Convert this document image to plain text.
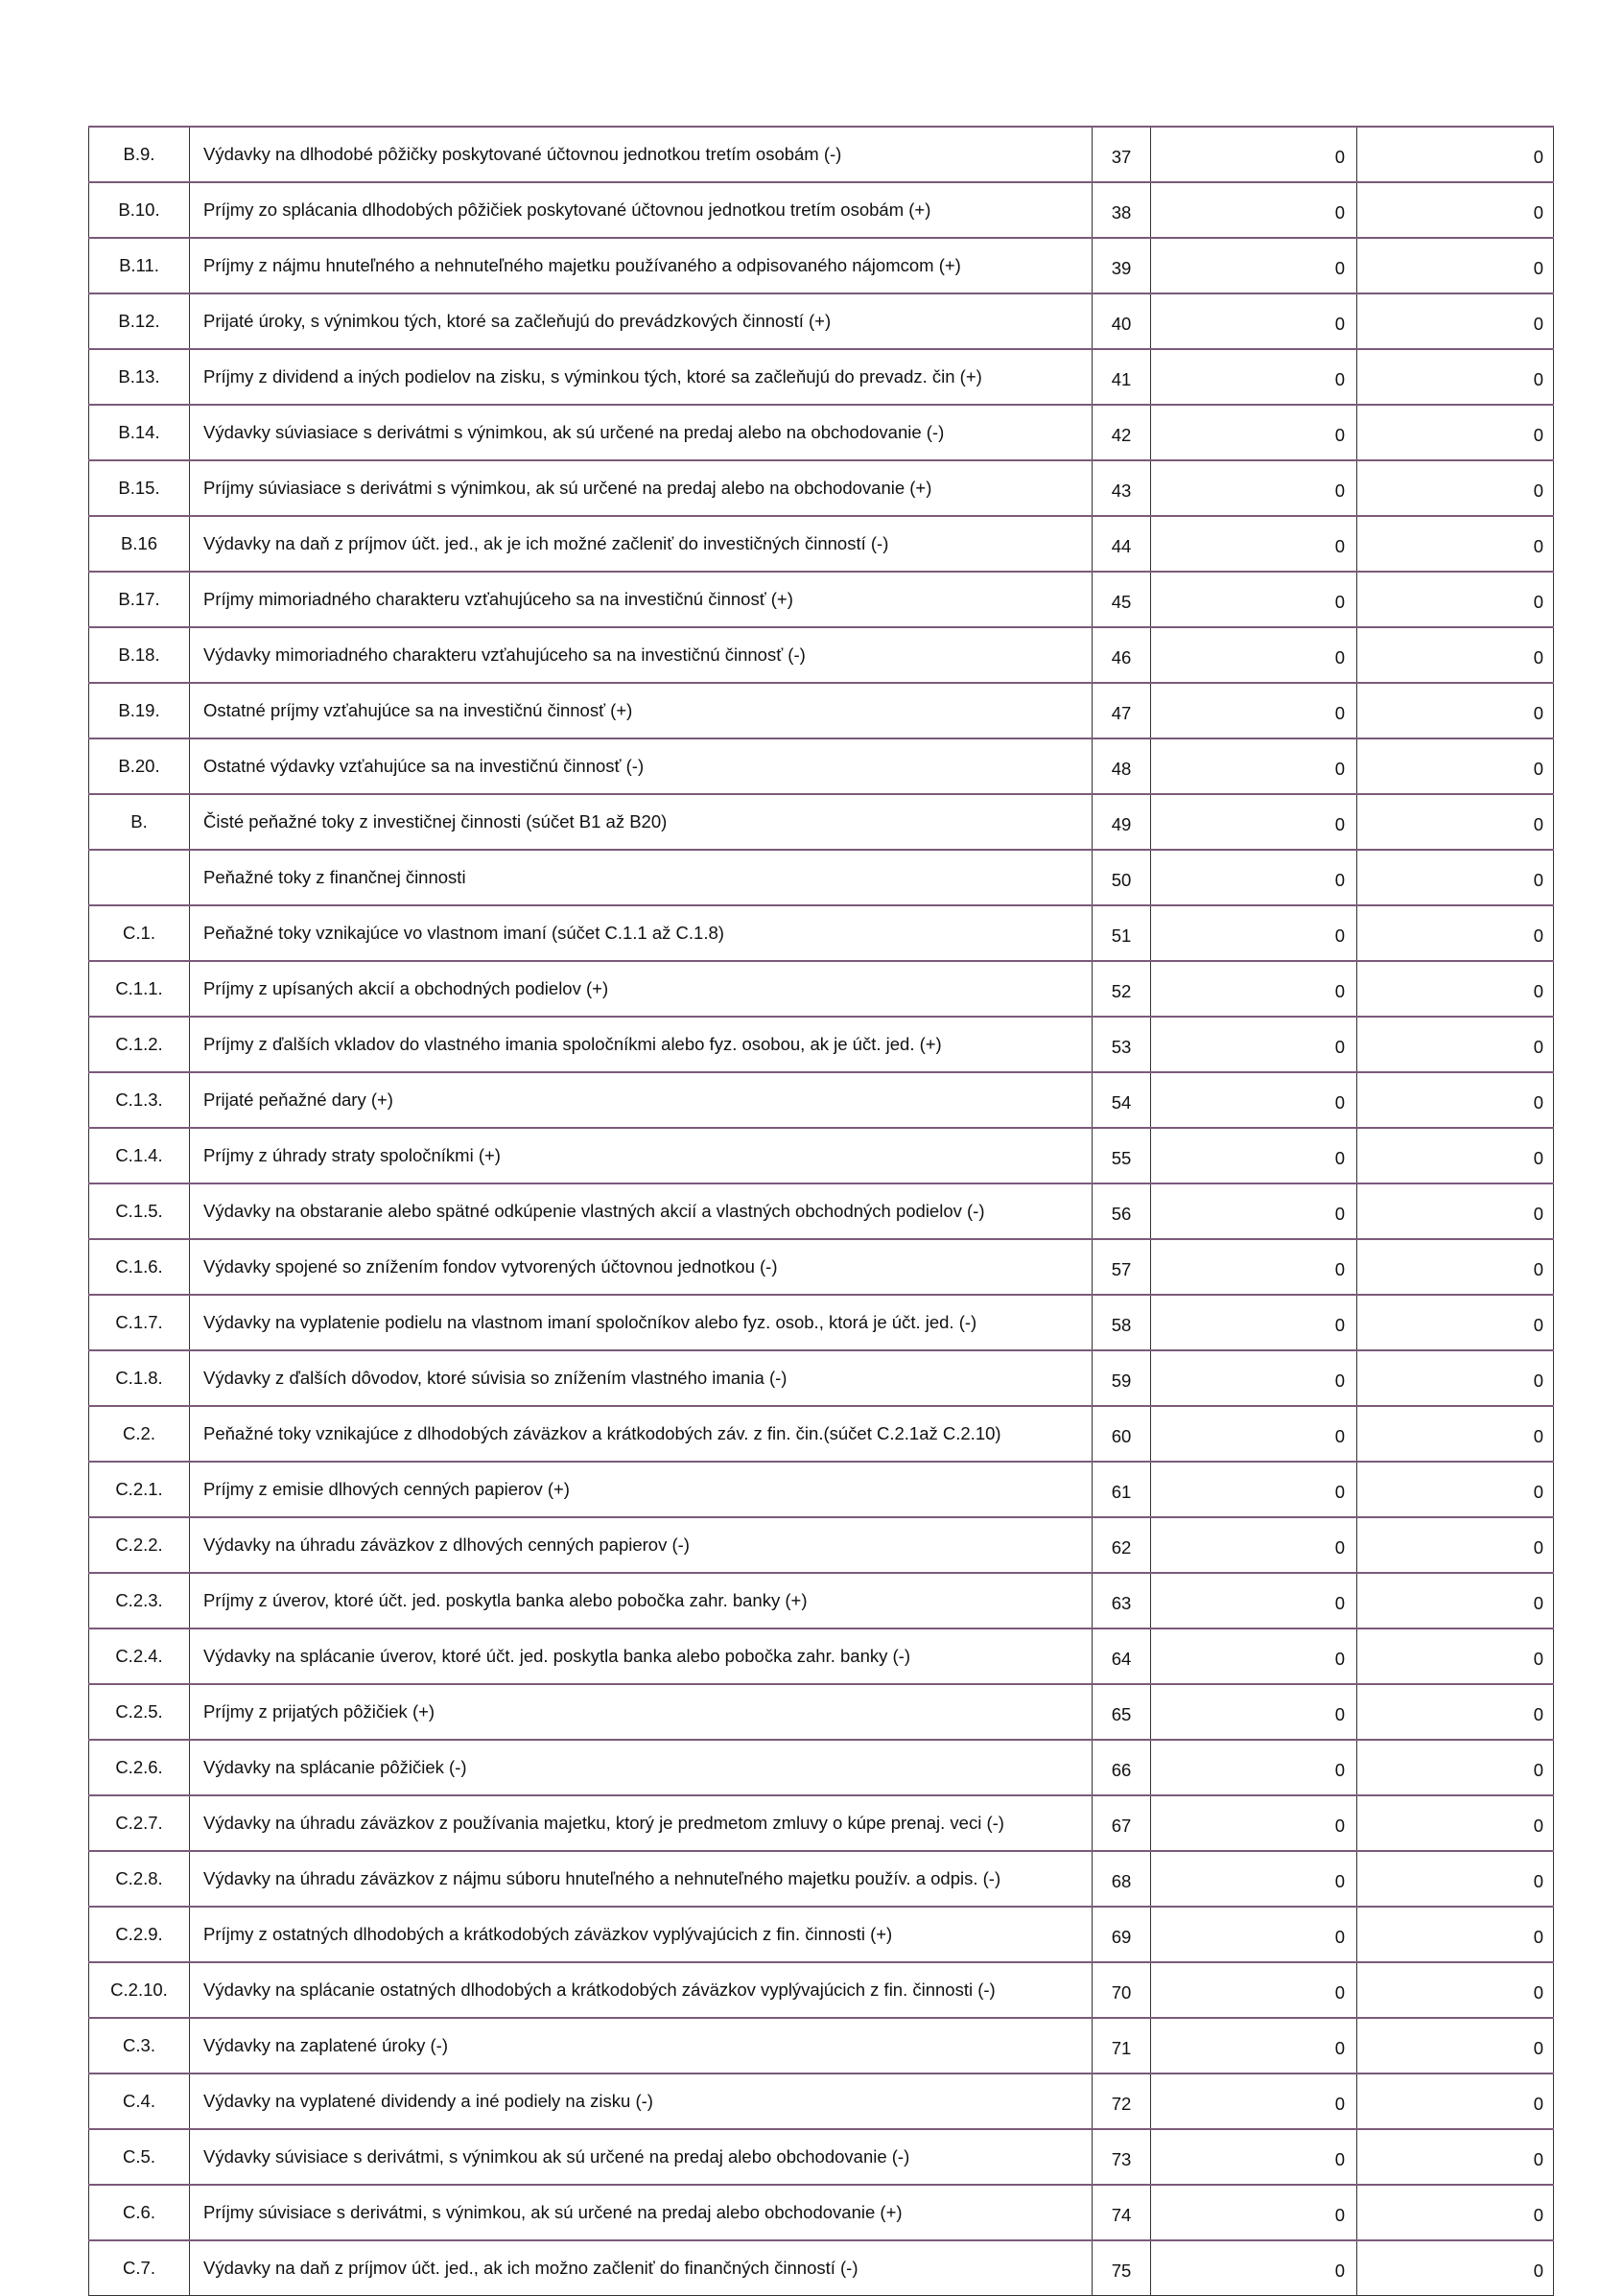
B.9.	Výdavky na dlhodobé pôžičky poskytované účtovnou jednotkou tretím osobám (-)	37	0	0
B.10.	Príjmy zo splácania dlhodobých pôžičiek poskytované účtovnou jednotkou tretím osobám (+)	38	0	0
B.11.	Príjmy z nájmu hnuteľného a nehnuteľného majetku používaného a odpisovaného nájomcom (+)	39	0	0
B.12.	Prijaté úroky, s výnimkou tých, ktoré sa začleňujú do prevádzkových činností (+)	40	0	0
B.13.	Príjmy z dividend a iných podielov na zisku, s výminkou tých, ktoré sa začleňujú do prevadz. čin (+)	41	0	0
B.14.	Výdavky súviasiace s derivátmi s výnimkou, ak sú určené na predaj alebo na obchodovanie (-)	42	0	0
B.15.	Príjmy súviasiace s derivátmi s výnimkou, ak sú určené na predaj alebo na obchodovanie (+)	43	0	0
B.16	Výdavky na daň z príjmov účt. jed., ak je ich možné začleniť do investičných činností (-)	44	0	0
B.17.	Príjmy mimoriadného charakteru vzťahujúceho sa na investičnú činnosť (+)	45	0	0
B.18.	Výdavky mimoriadného charakteru vzťahujúceho sa na investičnú činnosť (-)	46	0	0
B.19.	Ostatné príjmy vzťahujúce sa na investičnú činnosť (+)	47	0	0
B.20.	Ostatné výdavky vzťahujúce sa na investičnú činnosť (-)	48	0	0
B.	Čisté peňažné toky z investičnej činnosti (súčet B1 až B20)	49	0	0
	Peňažné toky z finančnej činnosti	50	0	0
C.1.	Peňažné toky vznikajúce vo vlastnom imaní (súčet C.1.1 až C.1.8)	51	0	0
C.1.1.	Príjmy z upísaných akcií a obchodných podielov (+)	52	0	0
C.1.2.	Príjmy z ďalších vkladov do vlastného imania spoločníkmi alebo fyz. osobou, ak je účt. jed. (+)	53	0	0
C.1.3.	Prijaté peňažné dary (+)	54	0	0
C.1.4.	Príjmy z úhrady straty spoločníkmi (+)	55	0	0
C.1.5.	Výdavky na obstaranie alebo spätné odkúpenie vlastných akcií a vlastných obchodných podielov (-)	56	0	0
C.1.6.	Výdavky spojené so znížením fondov vytvorených účtovnou jednotkou (-)	57	0	0
C.1.7.	Výdavky na vyplatenie podielu na vlastnom imaní spoločníkov alebo fyz. osob., ktorá je účt. jed. (-)	58	0	0
C.1.8.	Výdavky z ďalších dôvodov, ktoré súvisia so znížením vlastného imania (-)	59	0	0
C.2.	Peňažné toky vznikajúce z dlhodobých záväzkov a krátkodobých záv. z fin. čin.(súčet C.2.1až C.2.10)	60	0	0
C.2.1.	Príjmy z emisie dlhových cenných papierov (+)	61	0	0
C.2.2.	Výdavky na úhradu záväzkov z dlhových cenných papierov (-)	62	0	0
C.2.3.	Príjmy z úverov, ktoré účt. jed. poskytla banka alebo pobočka zahr. banky (+)	63	0	0
C.2.4.	Výdavky na splácanie úverov, ktoré účt. jed. poskytla banka alebo pobočka zahr. banky (-)	64	0	0
C.2.5.	Príjmy z prijatých pôžičiek (+)	65	0	0
C.2.6.	Výdavky na splácanie pôžičiek (-)	66	0	0
C.2.7.	Výdavky na úhradu záväzkov z používania majetku, ktorý je predmetom zmluvy o kúpe prenaj. veci (-)	67	0	0
C.2.8.	Výdavky na úhradu záväzkov z nájmu súboru hnuteľného a nehnuteľného majetku použív. a odpis. (-)	68	0	0
C.2.9.	Príjmy z ostatných dlhodobých a krátkodobých záväzkov vyplývajúcich z fin. činnosti (+)	69	0	0
C.2.10.	Výdavky na splácanie ostatných dlhodobých a krátkodobých záväzkov vyplývajúcich z fin. činnosti (-)	70	0	0
C.3.	Výdavky na zaplatené úroky (-)	71	0	0
C.4.	Výdavky na vyplatené dividendy a iné podiely na zisku (-)	72	0	0
C.5.	Výdavky súvisiace s derivátmi, s výnimkou ak sú určené na predaj alebo obchodovanie (-)	73	0	0
C.6.	Príjmy súvisiace s derivátmi, s výnimkou, ak sú určené na predaj alebo obchodovanie (+)	74	0	0
C.7.	Výdavky na daň z príjmov účt. jed., ak ich možno začleniť do finančných činností (-)	75	0	0
